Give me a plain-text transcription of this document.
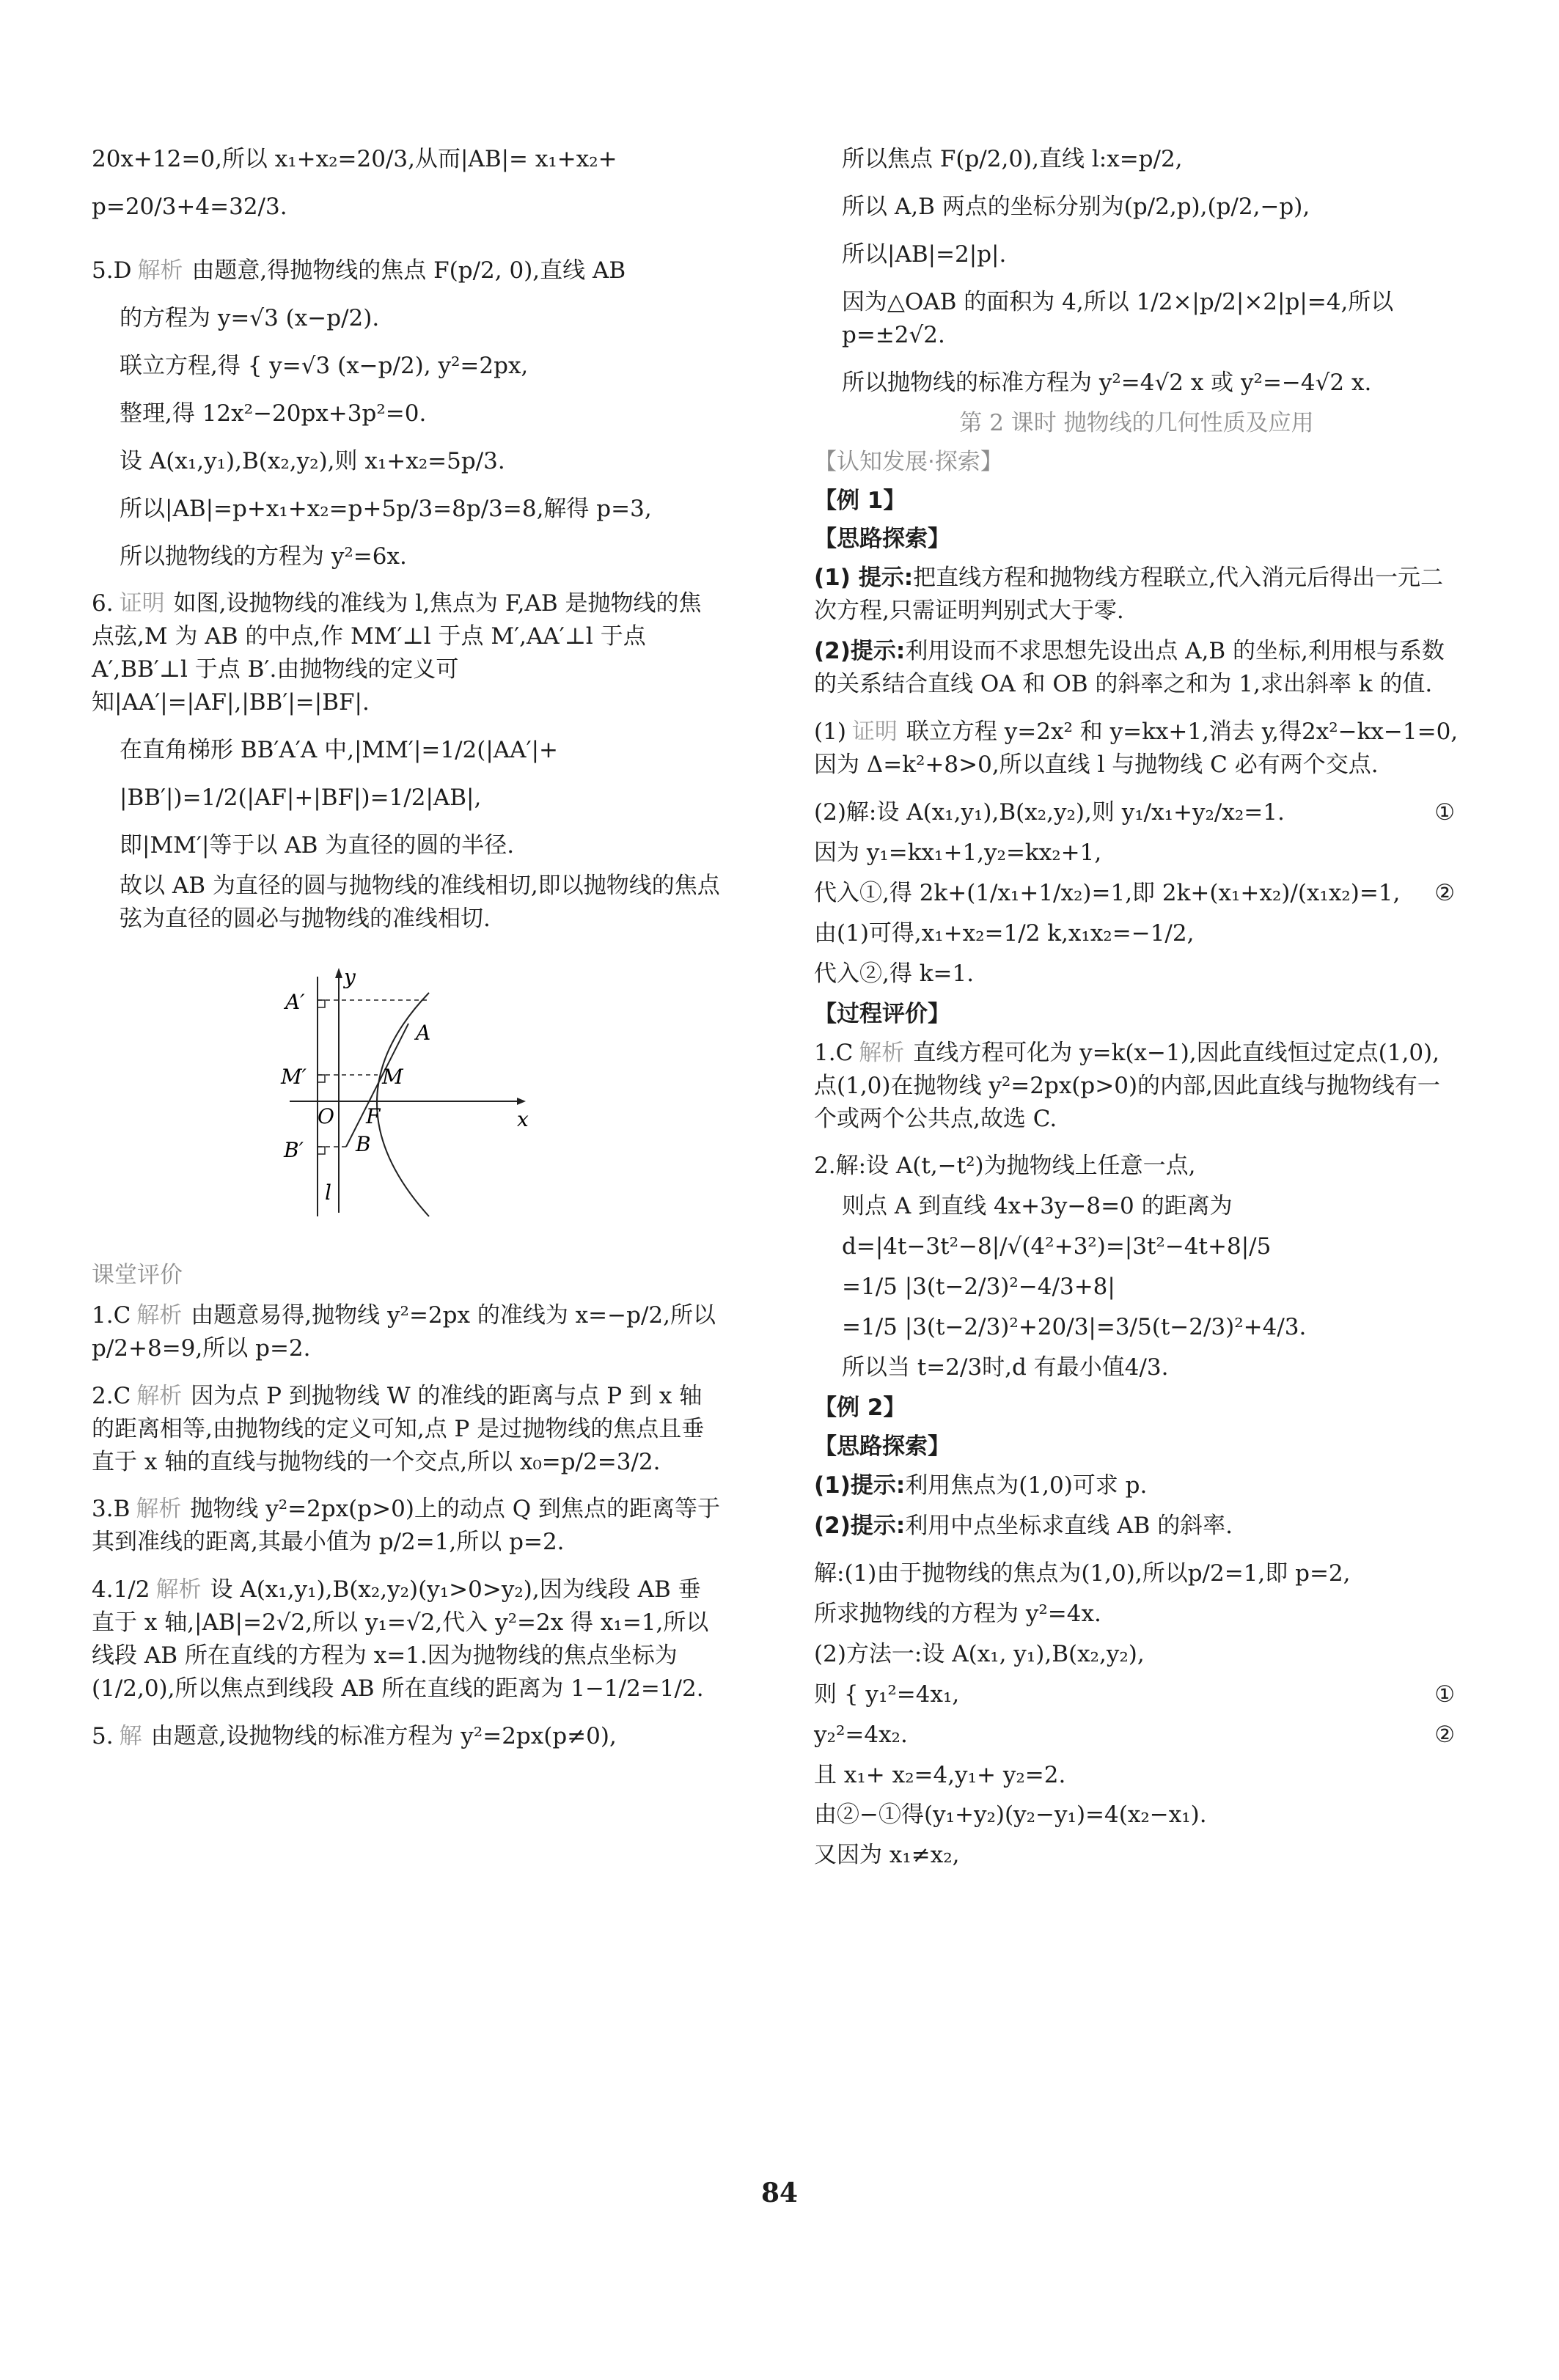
20x+12=0,所以 x₁+x₂=20/3,从而|AB|= x₁+x₂+
p=20/3+4=32/3.
5.D 解析 由题意,得抛物线的焦点 F(p/2, 0),直线 AB
的方程为 y=√3 (x−p/2).
联立方程,得 { y=√3 (x−p/2), y²=2px,
整理,得 12x²−20px+3p²=0.
设 A(x₁,y₁),B(x₂,y₂),则 x₁+x₂=5p/3.
所以|AB|=p+x₁+x₂=p+5p/3=8p/3=8,解得 p=3,
所以抛物线的方程为 y²=6x.
6. 证明 如图,设抛物线的准线为 l,焦点为 F,AB 是抛物线的焦点弦,M 为 AB 的中点,作 MM′⊥l 于点 M′,AA′⊥l 于点 A′,BB′⊥l 于点 B′.由抛物线的定义可知|AA′|=|AF|,|BB′|=|BF|.
在直角梯形 BB′A′A 中,|MM′|=1/2(|AA′|+
|BB′|)=1/2(|AF|+|BF|)=1/2|AB|,
即|MM′|等于以 AB 为直径的圆的半径.
故以 AB 为直径的圆与抛物线的准线相切,即以抛物线的焦点弦为直径的圆必与抛物线的准线相切.
y
A′
A
M′	M
O F	x
B
B′
l
课堂评价
1.C 解析 由题意易得,抛物线 y²=2px 的准线为 x=−p/2,所以p/2+8=9,所以 p=2.
2.C 解析 因为点 P 到抛物线 W 的准线的距离与点 P 到 x 轴的距离相等,由抛物线的定义可知,点 P 是过抛物线的焦点且垂直于 x 轴的直线与抛物线的一个交点,所以 x₀=p/2=3/2.
3.B 解析 抛物线 y²=2px(p>0)上的动点 Q 到焦点的距离等于其到准线的距离,其最小值为 p/2=1,所以 p=2.
4.1/2 解析 设 A(x₁,y₁),B(x₂,y₂)(y₁>0>y₂),因为线段 AB 垂直于 x 轴,|AB|=2√2,所以 y₁=√2,代入 y²=2x 得 x₁=1,所以线段 AB 所在直线的方程为 x=1.因为抛物线的焦点坐标为(1/2,0),所以焦点到线段 AB 所在直线的距离为 1−1/2=1/2.
5. 解 由题意,设抛物线的标准方程为 y²=2px(p≠0),
所以焦点 F(p/2,0),直线 l:x=p/2,
所以 A,B 两点的坐标分别为(p/2,p),(p/2,−p),
所以|AB|=2|p|.
因为△OAB 的面积为 4,所以 1/2×|p/2|×2|p|=4,所以 p=±2√2.
所以抛物线的标准方程为 y²=4√2 x 或 y²=−4√2 x.
第 2 课时 抛物线的几何性质及应用
【认知发展·探索】
【例 1】
【思路探索】
(1) 提示:把直线方程和抛物线方程联立,代入消元后得出一元二次方程,只需证明判别式大于零.
(2)提示:利用设而不求思想先设出点 A,B 的坐标,利用根与系数的关系结合直线 OA 和 OB 的斜率之和为 1,求出斜率 k 的值.
(1) 证明 联立方程 y=2x² 和 y=kx+1,消去 y,得2x²−kx−1=0,因为 Δ=k²+8>0,所以直线 l 与抛物线 C 必有两个交点.
(2)解:设 A(x₁,y₁),B(x₂,y₂),则 y₁/x₁+y₂/x₂=1.	①
因为 y₁=kx₁+1,y₂=kx₂+1,
代入①,得 2k+(1/x₁+1/x₂)=1,即 2k+(x₁+x₂)/(x₁x₂)=1, ②
由(1)可得,x₁+x₂=1/2 k,x₁x₂=−1/2,
代入②,得 k=1.
【过程评价】
1.C 解析 直线方程可化为 y=k(x−1),因此直线恒过定点(1,0),点(1,0)在抛物线 y²=2px(p>0)的内部,因此直线与抛物线有一个或两个公共点,故选 C.
2.解:设 A(t,−t²)为抛物线上任意一点,
则点 A 到直线 4x+3y−8=0 的距离为
d=|4t−3t²−8|/√(4²+3²)=|3t²−4t+8|/5
=1/5 |3(t−2/3)²−4/3+8|
=1/5 |3(t−2/3)²+20/3|=3/5(t−2/3)²+4/3.
所以当 t=2/3时,d 有最小值4/3.
【例 2】
【思路探索】
(1)提示:利用焦点为(1,0)可求 p.
(2)提示:利用中点坐标求直线 AB 的斜率.
解:(1)由于抛物线的焦点为(1,0),所以p/2=1,即 p=2,
所求抛物线的方程为 y²=4x.
(2)方法一:设 A(x₁, y₁),B(x₂,y₂),
则 { y₁²=4x₁,	①
y₂²=4x₂.	②
且 x₁+ x₂=4,y₁+ y₂=2.
由②−①得(y₁+y₂)(y₂−y₁)=4(x₂−x₁).
又因为 x₁≠x₂,
84
